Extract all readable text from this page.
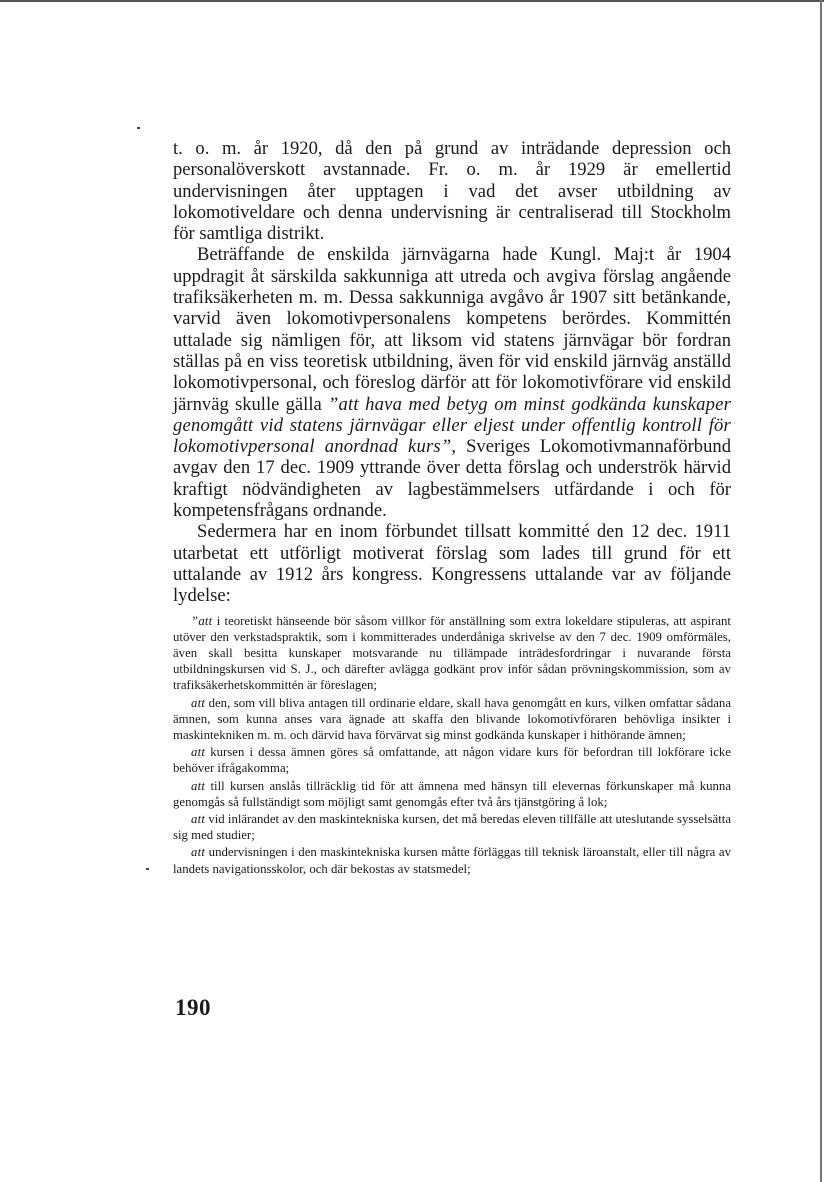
t. o. m. år 1920, då den på grund av inträdande depression och personalöverskott avstannade. Fr. o. m. år 1929 är emellertid undervisningen åter upptagen i vad det avser utbildning av lokomotiveldare och denna undervisning är centraliserad till Stockholm för samtliga distrikt.

Beträffande de enskilda järnvägarna hade Kungl. Maj:t år 1904 uppdragit åt särskilda sakkunniga att utreda och avgiva förslag angående trafiksäkerheten m. m. Dessa sakkunniga avgåvo år 1907 sitt betänkande, varvid även lokomotivpersonalens kompetens berördes. Kommittén uttalade sig nämligen för, att liksom vid statens järnvägar bör fordran ställas på en viss teoretisk utbildning, även för vid enskild järnväg anställd lokomotivpersonal, och föreslog därför att för lokomotivförare vid enskild järnväg skulle gälla ”att hava med betyg om minst godkända kunskaper genomgått vid statens järnvägar eller eljest under offentlig kontroll för lokomotivpersonal anordnad kurs”, Sveriges Lokomotivmannaförbund avgav den 17 dec. 1909 yttrande över detta förslag och underströk härvid kraftigt nödvändigheten av lagbestämmelsers utfärdande i och för kompetensfrågans ordnande.

Sedermera har en inom förbundet tillsatt kommitté den 12 dec. 1911 utarbetat ett utförligt motiverat förslag som lades till grund för ett uttalande av 1912 års kongress. Kongressens uttalande var av följande lydelse:

”att i teoretiskt hänseende bör såsom villkor för anställning som extra lokeldare stipuleras, att aspirant utöver den verkstadspraktik, som i kommitterades underdåniga skrivelse av den 7 dec. 1909 omförmäles, även skall besitta kunskaper motsvarande nu tillämpade inträdesfordringar i nuvarande första utbildningskursen vid S. J., och därefter avlägga godkänt prov inför sådan prövningskommission, som av trafiksäkerhetskommittén är föreslagen;

att den, som vill bliva antagen till ordinarie eldare, skall hava genomgått en kurs, vilken omfattar sådana ämnen, som kunna anses vara ägnade att skaffa den blivande lokomotivföraren behövliga insikter i maskintekniken m. m. och därvid hava förvärvat sig minst godkända kunskaper i hithörande ämnen;

att kursen i dessa ämnen göres så omfattande, att någon vidare kurs för befordran till lokförare icke behöver ifrågakomma;

att till kursen anslås tillräcklig tid för att ämnena med hänsyn till elevernas förkunskaper må kunna genomgås så fullständigt som möjligt samt genomgås efter två års tjänstgöring å lok;

att vid inlärandet av den maskintekniska kursen, det må beredas eleven tillfälle att uteslutande sysselsätta sig med studier;

att undervisningen i den maskintekniska kursen måtte förläggas till teknisk läroanstalt, eller till några av landets navigationsskolor, och där bekostas av statsmedel;

190
